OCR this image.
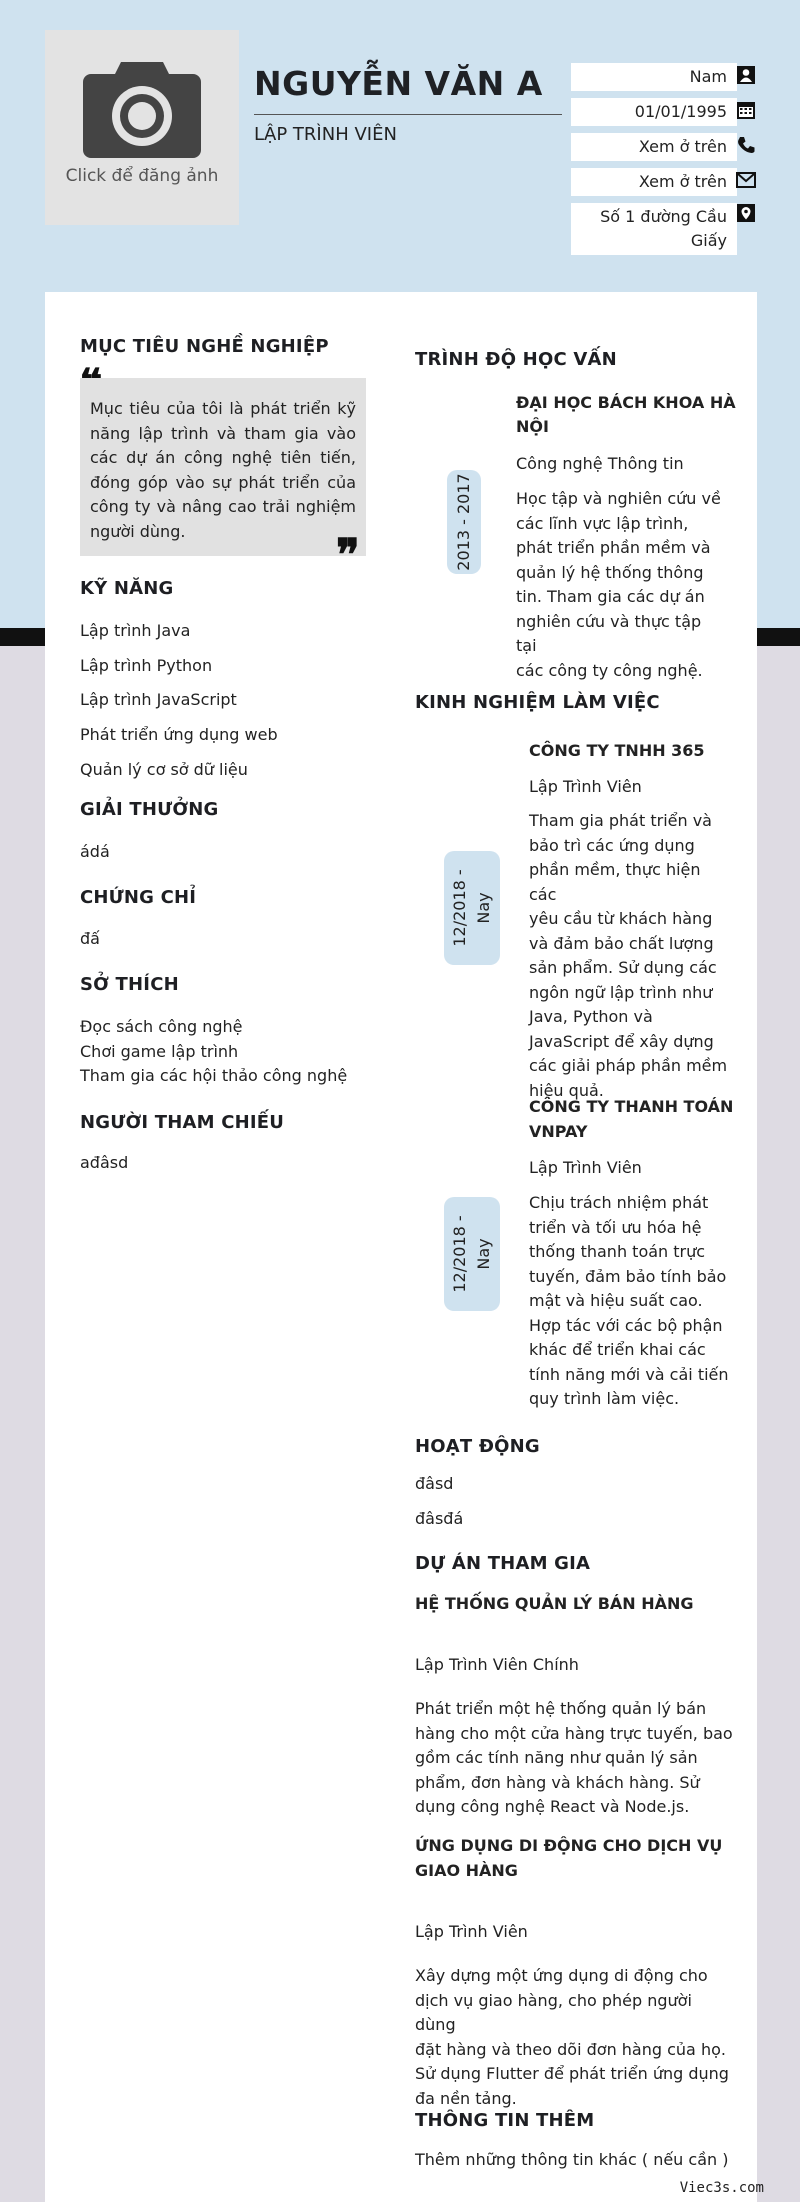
Click để đăng ảnh
NGUYỄN VĂN A
LẬP TRÌNH VIÊN
Nam
01/01/1995
Xem ở trên
Xem ở trên
Số 1 đường Cầu
Giấy
MỤC TIÊU NGHỀ NGHIỆP
Mục tiêu của tôi là phát triển kỹ năng lập trình và tham gia vào các dự án công nghệ tiên tiến, đóng góp vào sự phát triển của công ty và nâng cao trải nghiệm người dùng.	❞
KỸ NĂNG
Lập trình Java
Lập trình Python
Lập trình JavaScript
Phát triển ứng dụng web
Quản lý cơ sở dữ liệu
GIẢI THƯỞNG
ádá
CHỨNG CHỈ
đấ
SỞ THÍCH
Đọc sách công nghệ
Chơi game lập trình
Tham gia các hội thảo công nghệ
NGƯỜI THAM CHIẾU
ađâsd
TRÌNH ĐỘ HỌC VẤN
ĐẠI HỌC BÁCH KHOA HÀ
NỘI
Công nghệ Thông tin
2013 - 2017	Học tập và nghiên cứu về
các lĩnh vực lập trình,
phát triển phần mềm và
quản lý hệ thống thông
tin. Tham gia các dự án
nghiên cứu và thực tập tại
các công ty công nghệ.
KINH NGHIỆM LÀM VIỆC
CÔNG TY TNHH 365
Lập Trình Viên
12/2018 - Nay
Tham gia phát triển và
bảo trì các ứng dụng
phần mềm, thực hiện các
yêu cầu từ khách hàng
và đảm bảo chất lượng
sản phẩm. Sử dụng các
ngôn ngữ lập trình như
Java, Python và
JavaScript để xây dựng
các giải pháp phần mềm
hiệu quả.
CÔNG TY THANH TOÁN
VNPAY
Lập Trình Viên
12/2018 - Nay
Chịu trách nhiệm phát
triển và tối ưu hóa hệ
thống thanh toán trực
tuyến, đảm bảo tính bảo
mật và hiệu suất cao.
Hợp tác với các bộ phận
khác để triển khai các
tính năng mới và cải tiến
quy trình làm việc.
HOẠT ĐỘNG
đâsd
đâsđá
DỰ ÁN THAM GIA
HỆ THỐNG QUẢN LÝ BÁN HÀNG
Lập Trình Viên Chính
Phát triển một hệ thống quản lý bán
hàng cho một cửa hàng trực tuyến, bao
gồm các tính năng như quản lý sản
phẩm, đơn hàng và khách hàng. Sử
dụng công nghệ React và Node.js.
ỨNG DỤNG DI ĐỘNG CHO DỊCH VỤ
GIAO HÀNG
Lập Trình Viên
Xây dựng một ứng dụng di động cho
dịch vụ giao hàng, cho phép người dùng
đặt hàng và theo dõi đơn hàng của họ.
Sử dụng Flutter để phát triển ứng dụng
đa nền tảng.
THÔNG TIN THÊM
Thêm những thông tin khác ( nếu cần )
Viec3s.com
